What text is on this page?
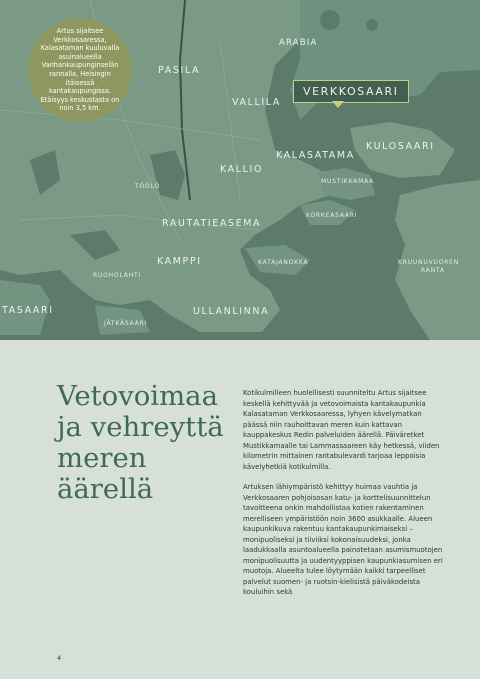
Artus sijaitsee Verkkosaaressa, Kalasataman kuuluvalla asuinalueella Vanhankaupunginselän rannalla, Helsingin itäisessä kantakaupungissa. Etäisyys keskustasta on noin 3,5 km.
VERKKOSAARI
ARABIA
PASILA
VALLILA
KULOSAARI
KALASATAMA
KALLIO
TÖÖLÖ
MUSTIKKAMAA
KORKEASAARI
RAUTATIEASEMA
RUOHOLAHTI
KAMPPI	KATAJANOKKA	KRUUNUVUOREN
RANTA
TASAARI	ULLANLINNA
JÄTKÄSAARI
Vetovoimaa ja vehreyttä meren äärellä

Kotikulmilleen huolellisesti suunniteltu Artus sijaitsee keskellä kehittyvää ja vetovoimaista kantakaupunkia Kalasataman Verkkosaaressa, lyhyen kävelymatkan päässä niin rauhoittavan meren kuin kattavan kauppakeskus Redin palveluiden äärellä. Päiväretket Mustikkamaalle tai Lammassaareen käy hetkessä, viiden kilometrin mittainen rantabulevardi tarjoaa leppoisia kävelyhetkiä kotikulmilla.

Artuksen lähiympäristö kehittyy huimaa vauhtia ja Verkkosaaren pohjoisosan katu- ja korttelisuunnittelun tavoitteena onkin mahdollistaa kotien rakentaminen merelliseen ympäristöön noin 3600 asukkaalle. Alueen kaupunkikuva rakentuu kantakaupunkimaiseksi – monipuoliseksi ja tiiviiksi kokonaisuudeksi, jonka laadukkaalla asuntoalueella painotetaan asumismuotojen monipuolisuutta ja uudentyyppisen kaupunkiasumisen eri muotoja. Alueelta tulee löytymään kaikki tarpeelliset palvelut suomen- ja ruotsin-kielisistä päiväkodeista kouluihin sekä

4
